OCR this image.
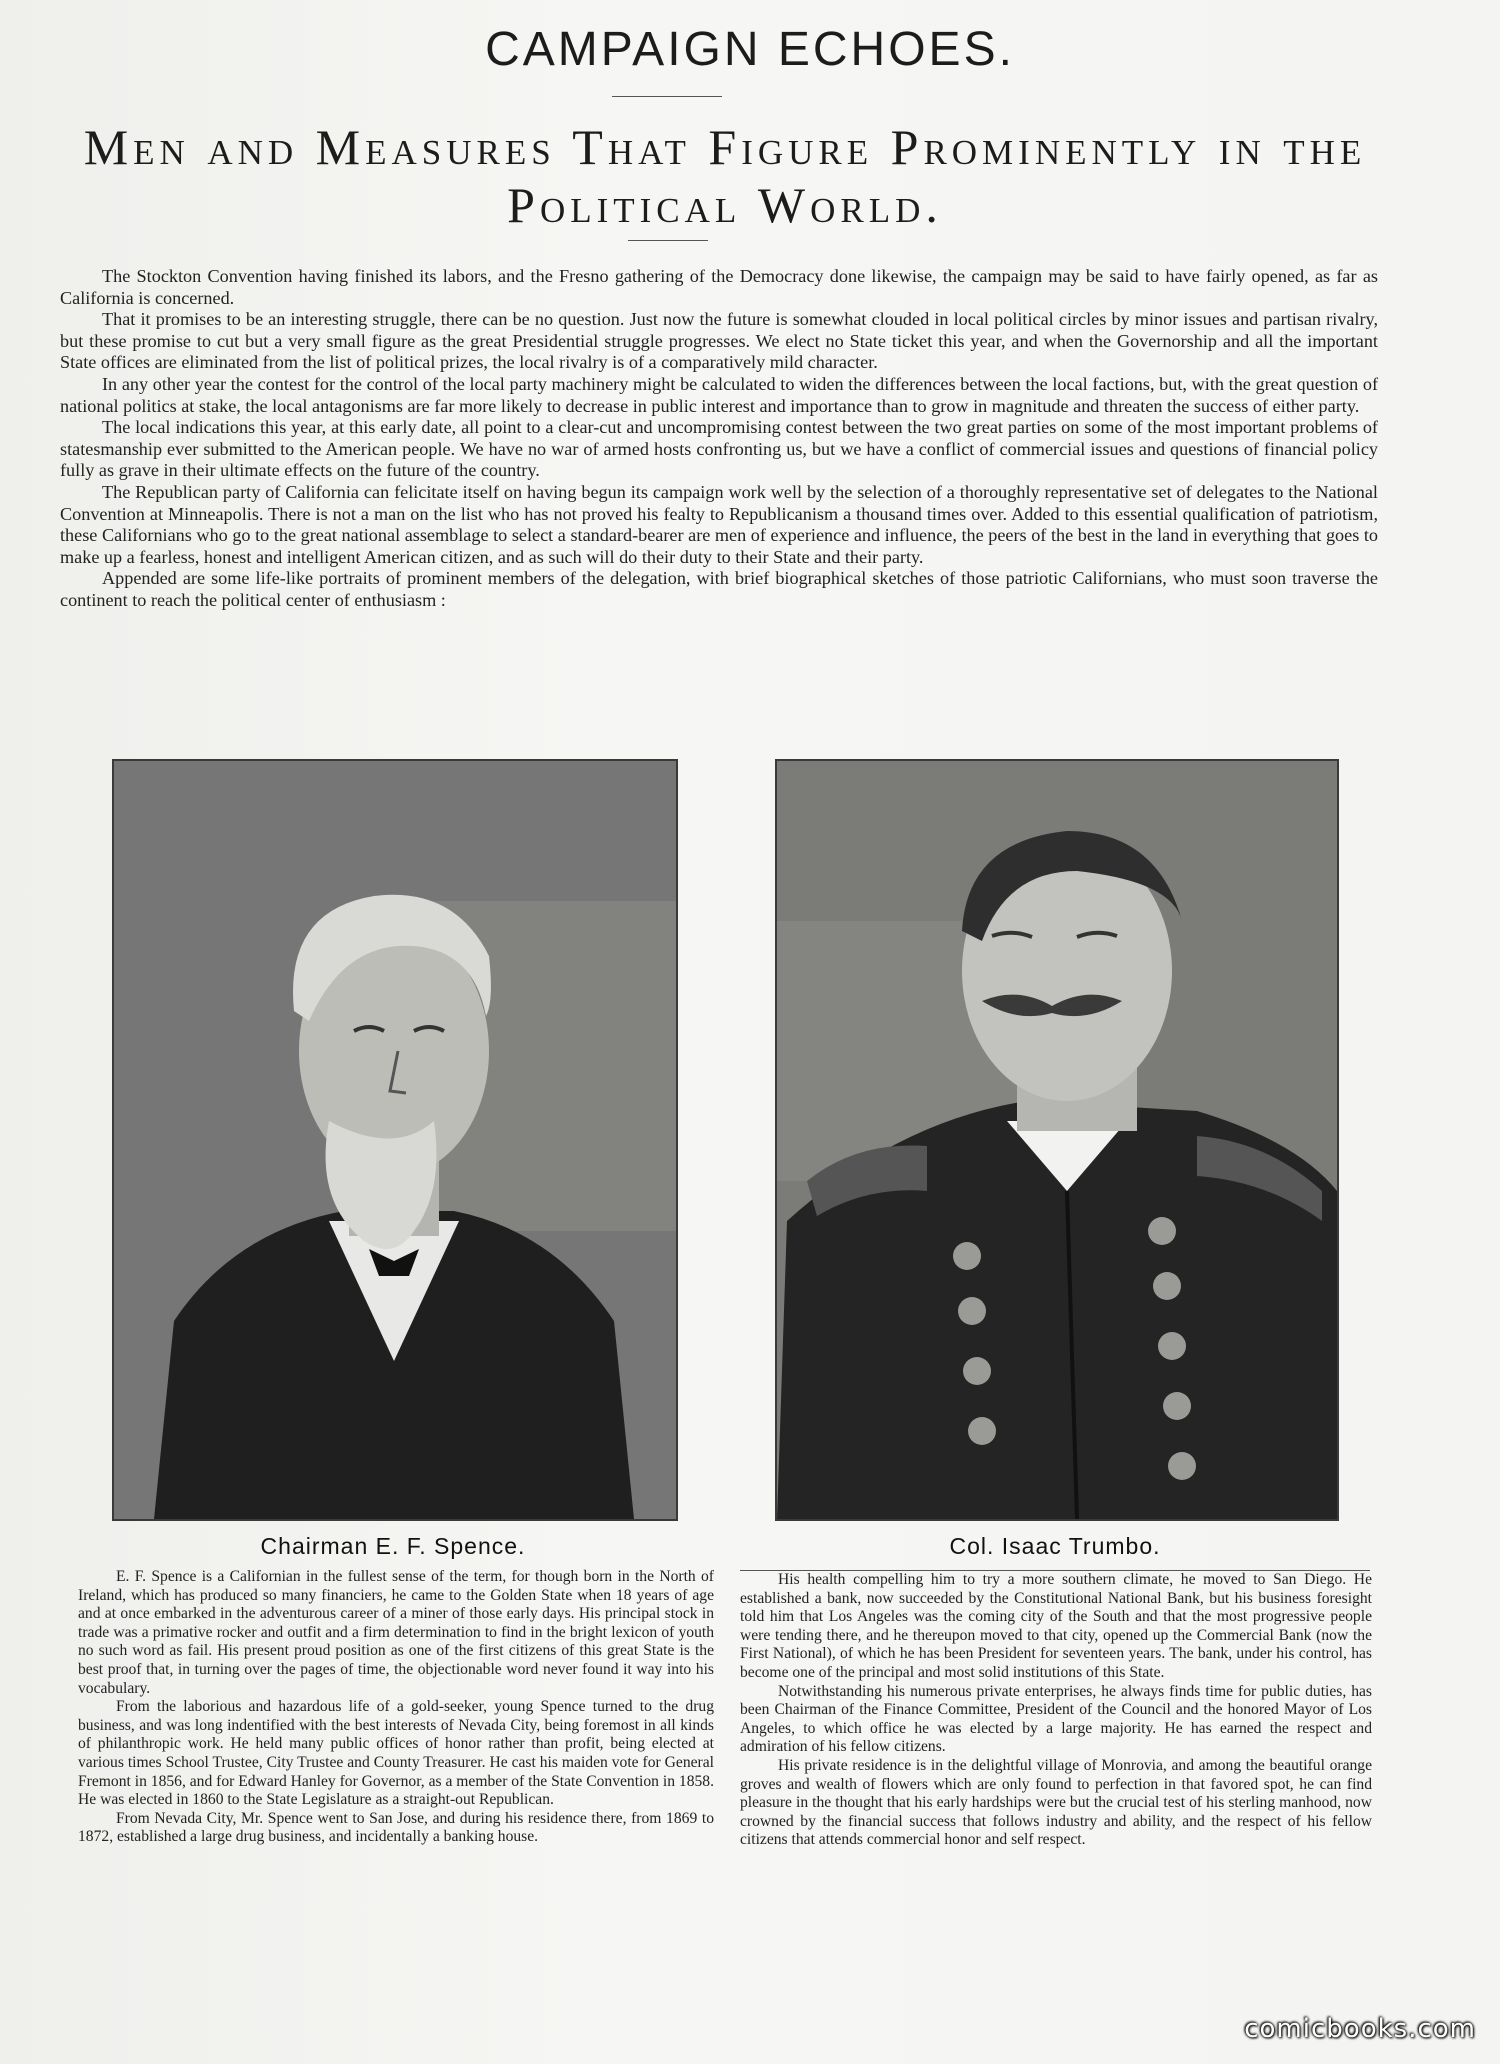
CAMPAIGN ECHOES.
Men and Measures That Figure Prominently in the Political World.

The Stockton Convention having finished its labors, and the Fresno gathering of the Democracy done likewise, the campaign may be said to have fairly opened, as far as California is concerned.

That it promises to be an interesting struggle, there can be no question. Just now the future is somewhat clouded in local political circles by minor issues and partisan rivalry, but these promise to cut but a very small figure as the great Presidential struggle progresses. We elect no State ticket this year, and when the Governorship and all the important State offices are eliminated from the list of political prizes, the local rivalry is of a comparatively mild character.

In any other year the contest for the control of the local party machinery might be calculated to widen the differences between the local factions, but, with the great question of national politics at stake, the local antagonisms are far more likely to decrease in public interest and importance than to grow in magnitude and threaten the success of either party.

The local indications this year, at this early date, all point to a clear-cut and uncompromising contest between the two great parties on some of the most important problems of statesmanship ever submitted to the American people. We have no war of armed hosts confronting us, but we have a conflict of commercial issues and questions of financial policy fully as grave in their ultimate effects on the future of the country.

The Republican party of California can felicitate itself on having begun its campaign work well by the selection of a thoroughly representative set of delegates to the National Convention at Minneapolis. There is not a man on the list who has not proved his fealty to Republicanism a thousand times over. Added to this essential qualification of patriotism, these Californians who go to the great national assemblage to select a standard-bearer are men of experience and influence, the peers of the best in the land in everything that goes to make up a fearless, honest and intelligent American citizen, and as such will do their duty to their State and their party.

Appended are some life-like portraits of prominent members of the delegation, with brief biographical sketches of those patriotic Californians, who must soon traverse the continent to reach the political center of enthusiasm :

Chairman E. F. Spence.	Col. Isaac Trumbo.

E. F. Spence is a Californian in the fullest sense of the term, for though born in the North of Ireland, which has produced so many financiers, he came to the Golden State when 18 years of age and at once embarked in the adventurous career of a miner of those early days. His principal stock in trade was a primative rocker and outfit and a firm determination to find in the bright lexicon of youth no such word as fail. His present proud position as one of the first citizens of this great State is the best proof that, in turning over the pages of time, the objectionable word never found it way into his vocabulary.

From the laborious and hazardous life of a gold-seeker, young Spence turned to the drug business, and was long indentified with the best interests of Nevada City, being foremost in all kinds of philanthropic work. He held many public offices of honor rather than profit, being elected at various times School Trustee, City Trustee and County Treasurer. He cast his maiden vote for General Fremont in 1856, and for Edward Hanley for Governor, as a member of the State Convention in 1858. He was elected in 1860 to the State Legislature as a straight-out Republican.

From Nevada City, Mr. Spence went to San Jose, and during his residence there, from 1869 to 1872, established a large drug business, and incidentally a banking house.

His health compelling him to try a more southern climate, he moved to San Diego. He established a bank, now succeeded by the Constitutional National Bank, but his business foresight told him that Los Angeles was the coming city of the South and that the most progressive people were tending there, and he thereupon moved to that city, opened up the Commercial Bank (now the First National), of which he has been President for seventeen years. The bank, under his control, has become one of the principal and most solid institutions of this State.

Notwithstanding his numerous private enterprises, he always finds time for public duties, has been Chairman of the Finance Committee, President of the Council and the honored Mayor of Los Angeles, to which office he was elected by a large majority. He has earned the respect and admiration of his fellow citizens.

His private residence is in the delightful village of Monrovia, and among the beautiful orange groves and wealth of flowers which are only found to perfection in that favored spot, he can find pleasure in the thought that his early hardships were but the crucial test of his sterling manhood, now crowned by the financial success that follows industry and ability, and the respect of his fellow citizens that attends commercial honor and self respect.

comicbooks.com
